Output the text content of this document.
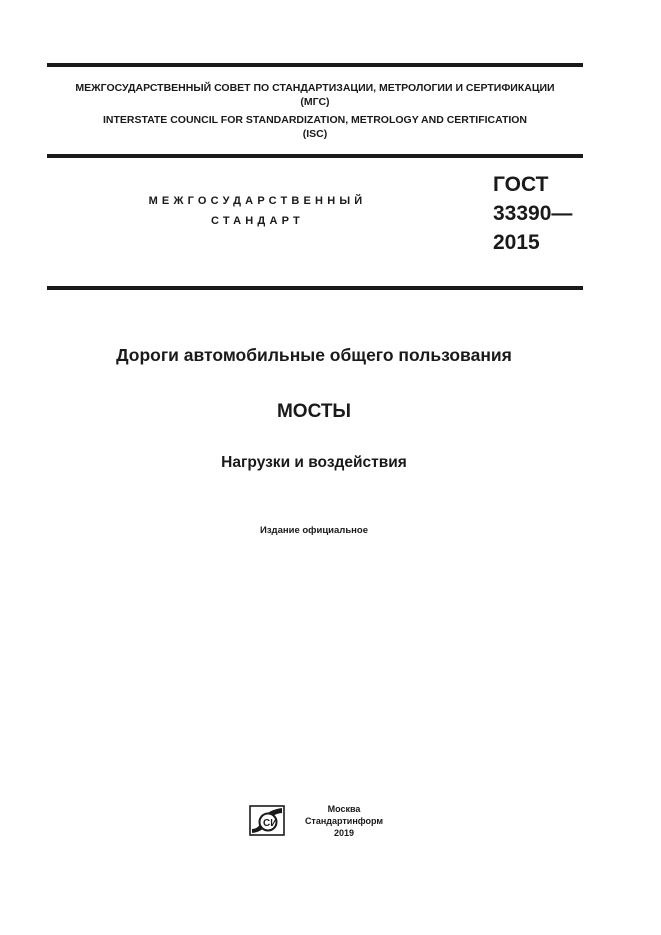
МЕЖГОСУДАРСТВЕННЫЙ СОВЕТ ПО СТАНДАРТИЗАЦИИ, МЕТРОЛОГИИ И СЕРТИФИКАЦИИ
(МГС)
INTERSTATE COUNCIL FOR STANDARDIZATION, METROLOGY AND CERTIFICATION
(ISC)
МЕЖГОСУДАРСТВЕННЫЙ
СТАНДАРТ
ГОСТ
33390—
2015
Дороги автомобильные общего пользования
МОСТЫ
Нагрузки и воздействия
Издание официальное
СИ
Москва
Стандартинформ
2019
